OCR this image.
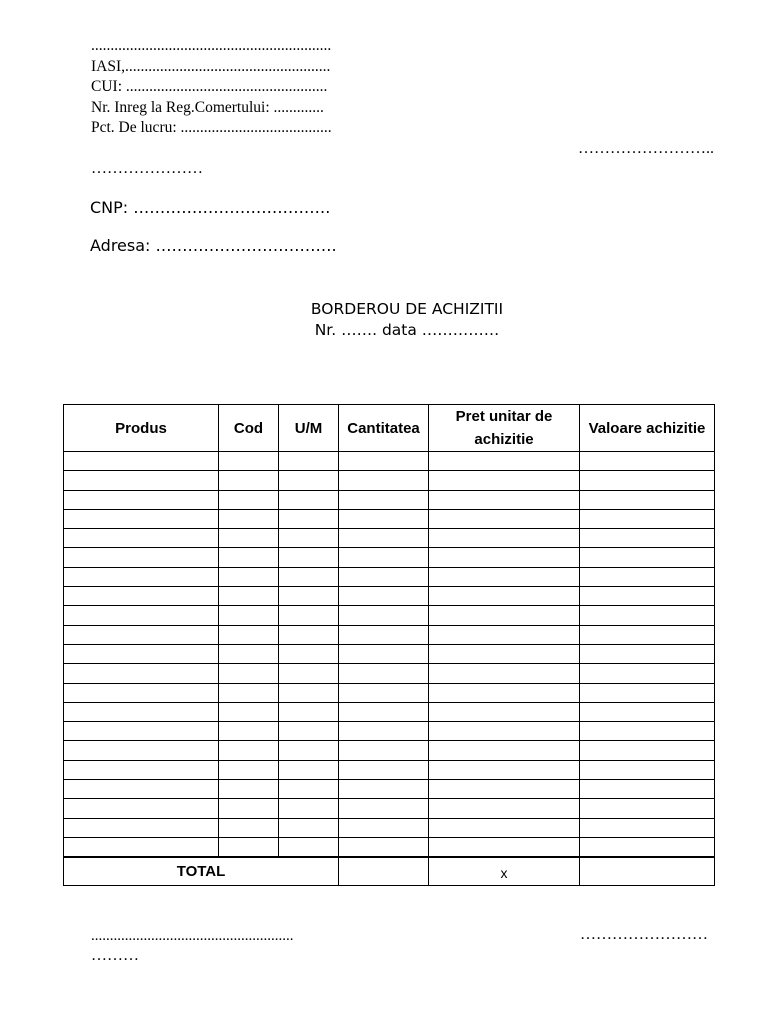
..............................................................
IASI,.....................................................
CUI: ....................................................
Nr. Inreg la Reg.Comertului: .............
Pct. De lucru: .......................................
……………………..
…………………
CNP: ……………………………….
Adresa: …………………………….
BORDEROU DE ACHIZITII
Nr. ……. data ……………
Produs	Cod	U/M	Cantitatea	Pret unitar de achizitie	Valoare achizitie

TOTAL				x	
......................................................	……………………
………
